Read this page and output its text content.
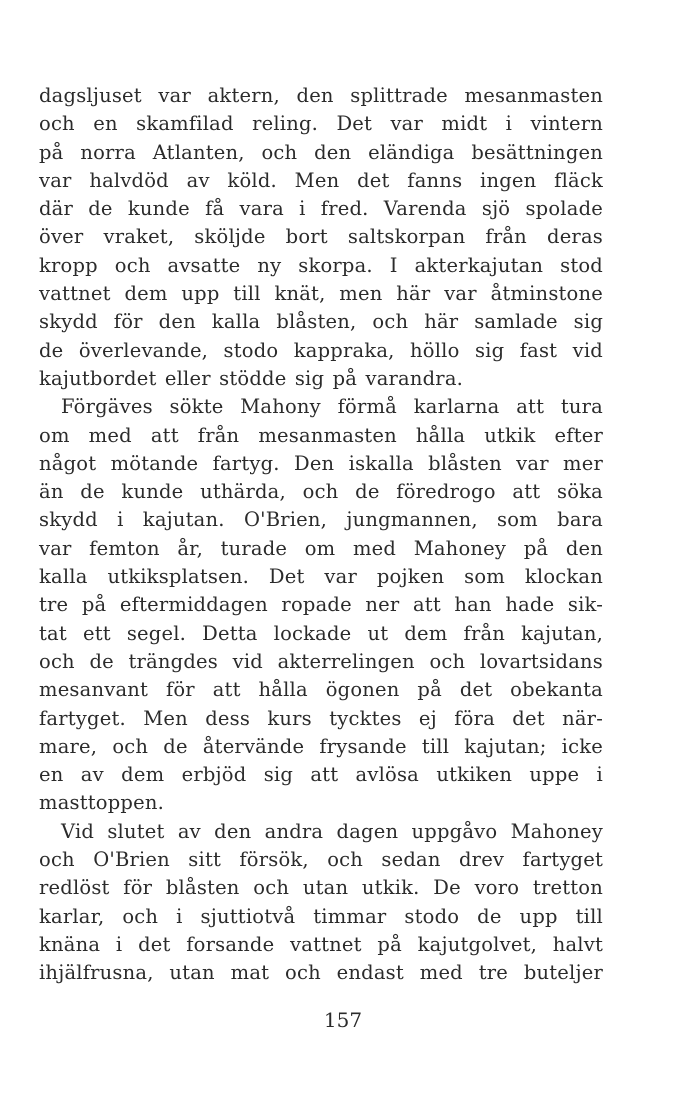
dagsljuset var aktern, den splittrade mesanmasten
och en skamfilad reling. Det var midt i vintern
på norra Atlanten, och den eländiga besättningen
var halvdöd av köld. Men det fanns ingen fläck
där de kunde få vara i fred. Varenda sjö spolade
över vraket, sköljde bort saltskorpan från deras
kropp och avsatte ny skorpa. I akterkajutan stod
vattnet dem upp till knät, men här var åtminstone
skydd för den kalla blåsten, och här samlade sig
de överlevande, stodo kappraka, höllo sig fast vid
kajutbordet eller stödde sig på varandra.
Förgäves sökte Mahony förmå karlarna att tura
om med att från mesanmasten hålla utkik efter
något mötande fartyg. Den iskalla blåsten var mer
än de kunde uthärda, och de föredrogo att söka
skydd i kajutan. O'Brien, jungmannen, som bara
var femton år, turade om med Mahoney på den
kalla utkiksplatsen. Det var pojken som klockan
tre på eftermiddagen ropade ner att han hade sik-
tat ett segel. Detta lockade ut dem från kajutan,
och de trängdes vid akterrelingen och lovartsidans
mesanvant för att hålla ögonen på det obekanta
fartyget. Men dess kurs tycktes ej föra det när-
mare, och de återvände frysande till kajutan; icke
en av dem erbjöd sig att avlösa utkiken uppe i
masttoppen.
Vid slutet av den andra dagen uppgåvo Mahoney
och O'Brien sitt försök, och sedan drev fartyget
redlöst för blåsten och utan utkik. De voro tretton
karlar, och i sjuttiotvå timmar stodo de upp till
knäna i det forsande vattnet på kajutgolvet, halvt
ihjälfrusna, utan mat och endast med tre buteljer
157
